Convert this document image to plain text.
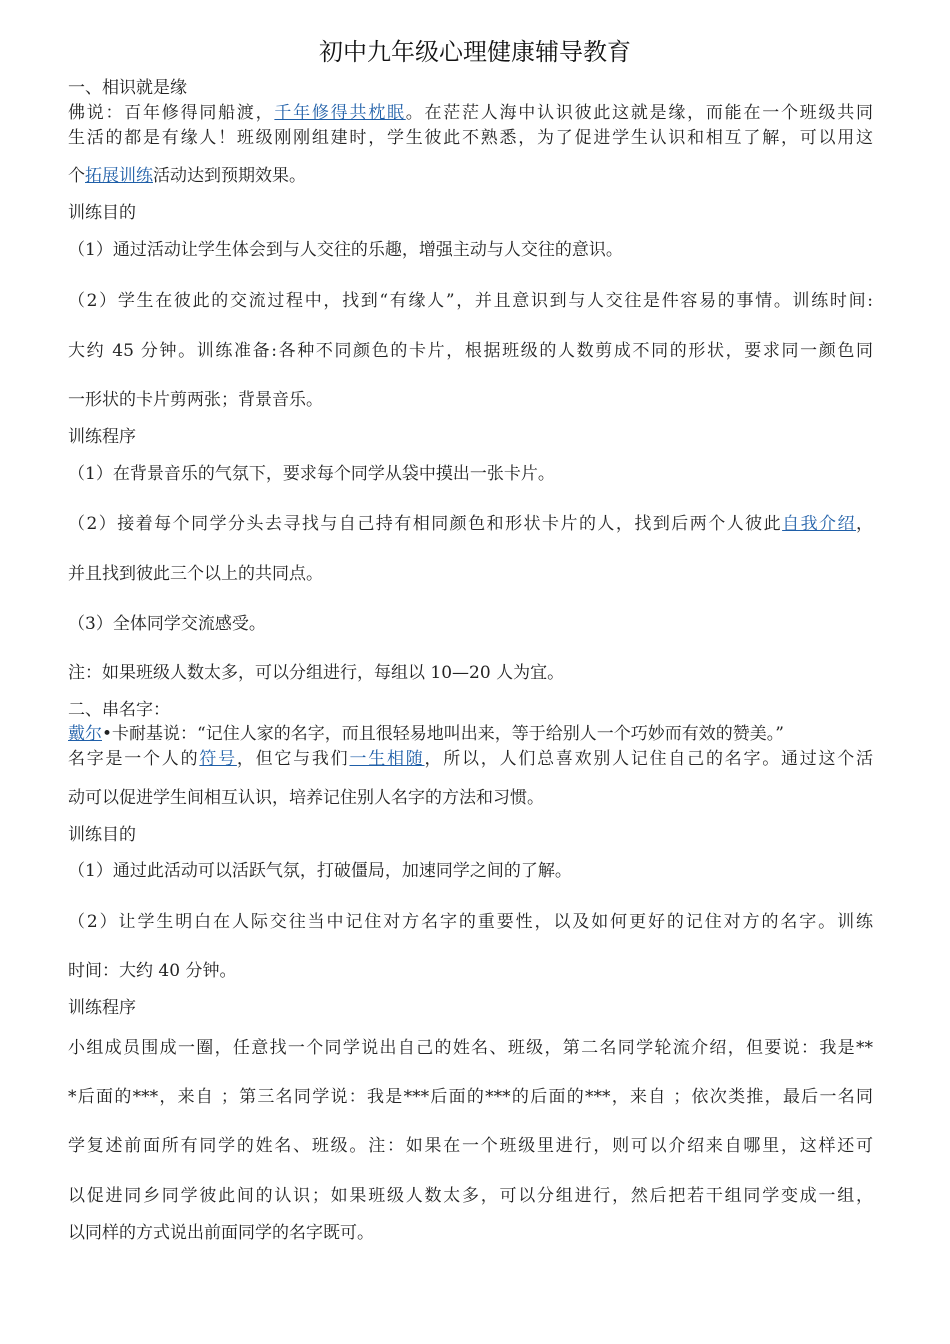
初中九年级心理健康辅导教育
一、相识就是缘
佛说：百年修得同船渡，千年修得共枕眠。在茫茫人海中认识彼此这就是缘，而能在一个班级共同
生活的都是有缘人！班级刚刚组建时，学生彼此不熟悉，为了促进学生认识和相互了解，可以用这
个拓展训练活动达到预期效果。
训练目的
（1）通过活动让学生体会到与人交往的乐趣，增强主动与人交往的意识。
（2）学生在彼此的交流过程中，找到“有缘人”，并且意识到与人交往是件容易的事情。训练时间:
大约 45 分钟。训练准备:各种不同颜色的卡片，根据班级的人数剪成不同的形状，要求同一颜色同
一形状的卡片剪两张；背景音乐。
训练程序
（1）在背景音乐的气氛下，要求每个同学从袋中摸出一张卡片。
（2）接着每个同学分头去寻找与自己持有相同颜色和形状卡片的人，找到后两个人彼此自我介绍，
并且找到彼此三个以上的共同点。
（3）全体同学交流感受。
注：如果班级人数太多，可以分组进行，每组以 10—20 人为宜。
二、串名字：
戴尔•卡耐基说：“记住人家的名字，而且很轻易地叫出来，等于给别人一个巧妙而有效的赞美。”
名字是一个人的符号，但它与我们一生相随，所以，人们总喜欢别人记住自己的名字。通过这个活
动可以促进学生间相互认识，培养记住别人名字的方法和习惯。
训练目的
（1）通过此活动可以活跃气氛，打破僵局，加速同学之间的了解。
（2）让学生明白在人际交往当中记住对方名字的重要性，以及如何更好的记住对方的名字。训练
时间：大约 40 分钟。
训练程序
小组成员围成一圈，任意找一个同学说出自己的姓名、班级，第二名同学轮流介绍，但要说：我是**
*后面的***，来自 ；第三名同学说：我是***后面的***的后面的***，来自 ；依次类推，最后一名同
学复述前面所有同学的姓名、班级。注：如果在一个班级里进行，则可以介绍来自哪里，这样还可
以促进同乡同学彼此间的认识；如果班级人数太多，可以分组进行，然后把若干组同学变成一组，
以同样的方式说出前面同学的名字既可。
